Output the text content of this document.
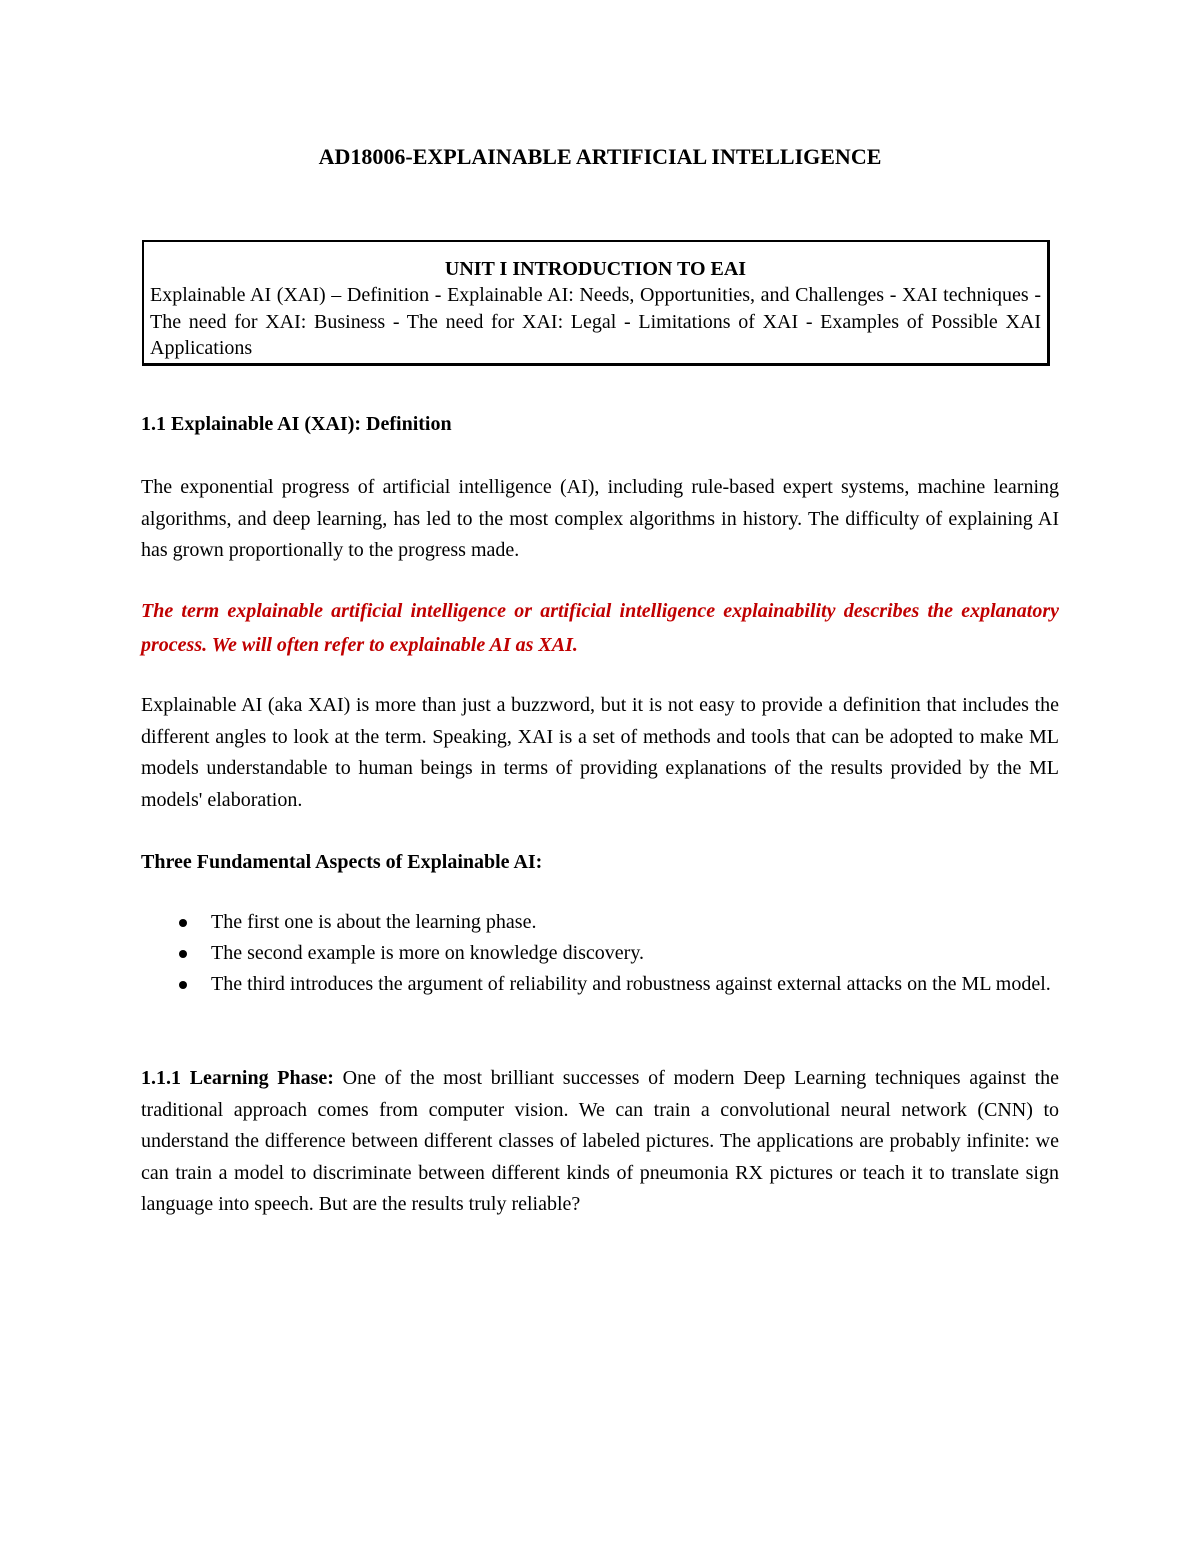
AD18006-EXPLAINABLE ARTIFICIAL INTELLIGENCE

UNIT I INTRODUCTION TO EAI

Explainable AI (XAI) – Definition - Explainable AI: Needs, Opportunities, and Challenges - XAI techniques - The need for XAI: Business - The need for XAI: Legal - Limitations of XAI - Examples of Possible XAI Applications

1.1 Explainable AI (XAI): Definition

The exponential progress of artificial intelligence (AI), including rule-based expert systems, machine learning algorithms, and deep learning, has led to the most complex algorithms in history. The difficulty of explaining AI has grown proportionally to the progress made.

The term explainable artificial intelligence or artificial intelligence explainability describes the explanatory process. We will often refer to explainable AI as XAI.

Explainable AI (aka XAI) is more than just a buzzword, but it is not easy to provide a definition that includes the different angles to look at the term. Speaking, XAI is a set of methods and tools that can be adopted to make ML models understandable to human beings in terms of providing explanations of the results provided by the ML models' elaboration.

Three Fundamental Aspects of Explainable AI:
The first one is about the learning phase.
The second example is more on knowledge discovery.
The third introduces the argument of reliability and robustness against external attacks on the ML model.

1.1.1 Learning Phase: One of the most brilliant successes of modern Deep Learning techniques against the traditional approach comes from computer vision. We can train a convolutional neural network (CNN) to understand the difference between different classes of labeled pictures. The applications are probably infinite: we can train a model to discriminate between different kinds of pneumonia RX pictures or teach it to translate sign language into speech. But are the results truly reliable?
